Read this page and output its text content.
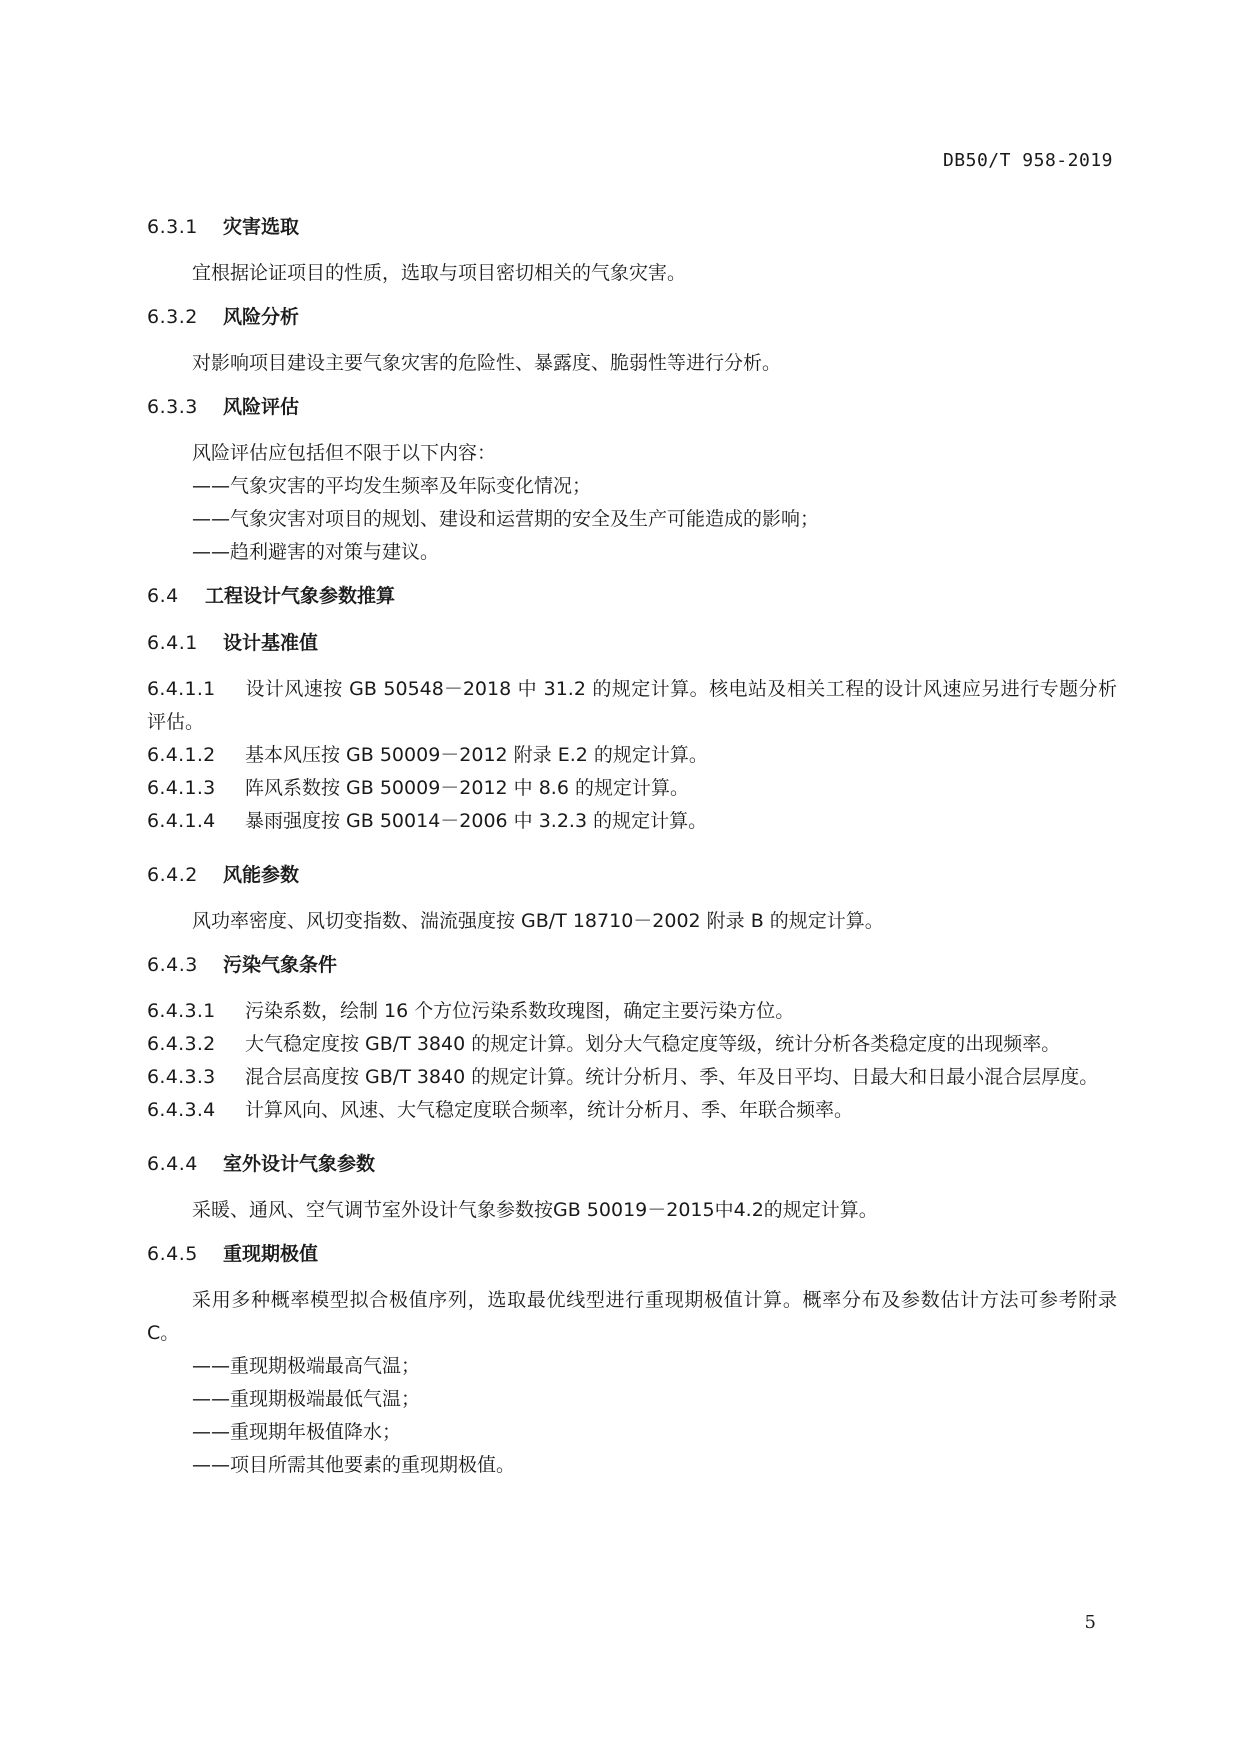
DB50/T 958-2019
6.3.1 灾害选取

宜根据论证项目的性质，选取与项目密切相关的气象灾害。

6.3.2 风险分析

对影响项目建设主要气象灾害的危险性、暴露度、脆弱性等进行分析。

6.3.3 风险评估

风险评估应包括但不限于以下内容：

——气象灾害的平均发生频率及年际变化情况；

——气象灾害对项目的规划、建设和运营期的安全及生产可能造成的影响；

——趋利避害的对策与建议。

6.4 工程设计气象参数推算
6.4.1 设计基准值

6.4.1.1 设计风速按 GB 50548－2018 中 31.2 的规定计算。核电站及相关工程的设计风速应另进行专题分析评估。

6.4.1.2 基本风压按 GB 50009－2012 附录 E.2 的规定计算。

6.4.1.3 阵风系数按 GB 50009－2012 中 8.6 的规定计算。

6.4.1.4 暴雨强度按 GB 50014－2006 中 3.2.3 的规定计算。

6.4.2 风能参数

风功率密度、风切变指数、湍流强度按 GB/T 18710－2002 附录 B 的规定计算。

6.4.3 污染气象条件

6.4.3.1 污染系数，绘制 16 个方位污染系数玫瑰图，确定主要污染方位。

6.4.3.2 大气稳定度按 GB/T 3840 的规定计算。划分大气稳定度等级，统计分析各类稳定度的出现频率。

6.4.3.3 混合层高度按 GB/T 3840 的规定计算。统计分析月、季、年及日平均、日最大和日最小混合层厚度。

6.4.3.4 计算风向、风速、大气稳定度联合频率，统计分析月、季、年联合频率。

6.4.4 室外设计气象参数

采暖、通风、空气调节室外设计气象参数按GB 50019－2015中4.2的规定计算。

6.4.5 重现期极值

采用多种概率模型拟合极值序列，选取最优线型进行重现期极值计算。概率分布及参数估计方法可参考附录C。

——重现期极端最高气温；

——重现期极端最低气温；

——重现期年极值降水；

——项目所需其他要素的重现期极值。

5
